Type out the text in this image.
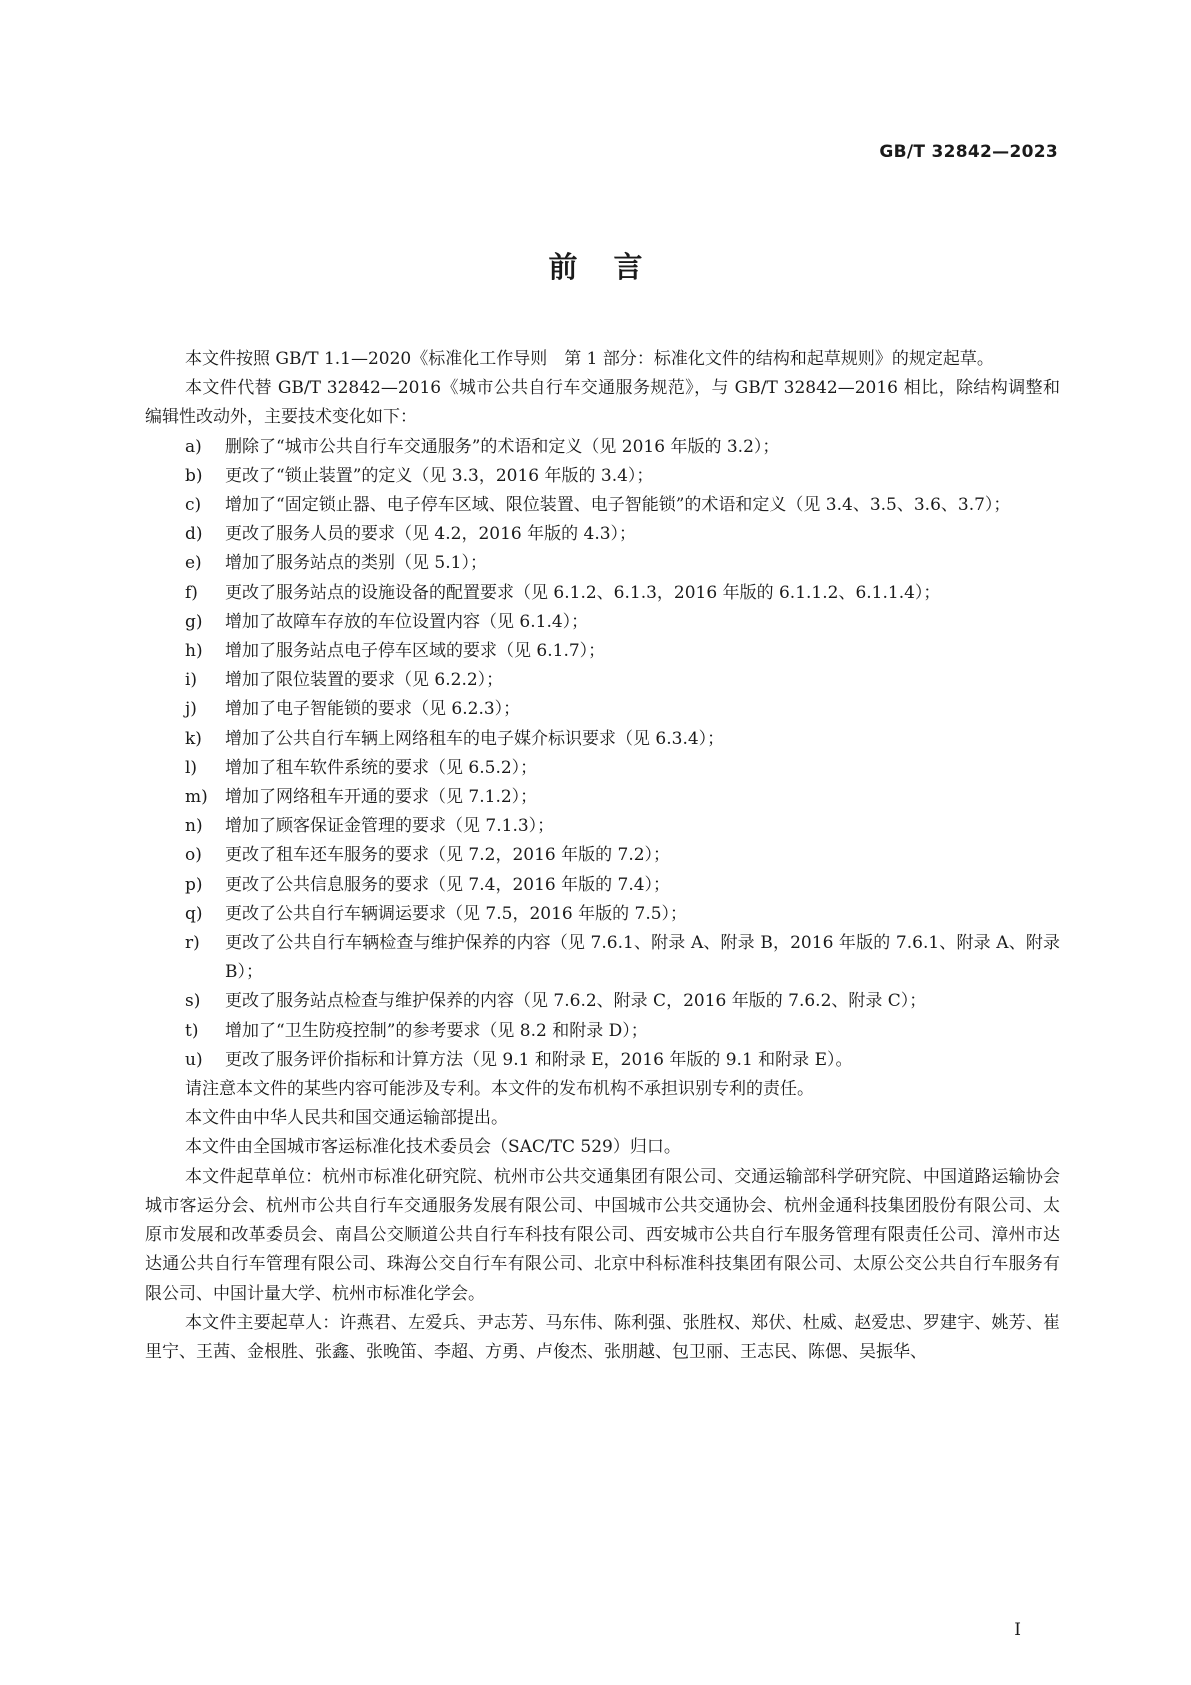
GB/T 32842—2023
前言

本文件按照 GB/T 1.1—2020《标准化工作导则　第 1 部分：标准化文件的结构和起草规则》的规定起草。

本文件代替 GB/T 32842—2016《城市公共自行车交通服务规范》，与 GB/T 32842—2016 相比，除结构调整和编辑性改动外，主要技术变化如下：

a)	删除了“城市公共自行车交通服务”的术语和定义（见 2016 年版的 3.2）；
b)	更改了“锁止装置”的定义（见 3.3，2016 年版的 3.4）；
c)	增加了“固定锁止器、电子停车区域、限位装置、电子智能锁”的术语和定义（见 3.4、3.5、3.6、3.7）；
d)	更改了服务人员的要求（见 4.2，2016 年版的 4.3）；
e)	增加了服务站点的类别（见 5.1）；
f)	更改了服务站点的设施设备的配置要求（见 6.1.2、6.1.3，2016 年版的 6.1.1.2、6.1.1.4）；
g)	增加了故障车存放的车位设置内容（见 6.1.4）；
h)	增加了服务站点电子停车区域的要求（见 6.1.7）；
i)	增加了限位装置的要求（见 6.2.2）；
j)	增加了电子智能锁的要求（见 6.2.3）；
k)	增加了公共自行车辆上网络租车的电子媒介标识要求（见 6.3.4）；
l)	增加了租车软件系统的要求（见 6.5.2）；
m)	增加了网络租车开通的要求（见 7.1.2）；
n)	增加了顾客保证金管理的要求（见 7.1.3）；
o)	更改了租车还车服务的要求（见 7.2，2016 年版的 7.2）；
p)	更改了公共信息服务的要求（见 7.4，2016 年版的 7.4）；
q)	更改了公共自行车辆调运要求（见 7.5，2016 年版的 7.5）；
r)	更改了公共自行车辆检查与维护保养的内容（见 7.6.1、附录 A、附录 B，2016 年版的 7.6.1、附录 A、附录 B）；
s)	更改了服务站点检查与维护保养的内容（见 7.6.2、附录 C，2016 年版的 7.6.2、附录 C）；
t)	增加了“卫生防疫控制”的参考要求（见 8.2 和附录 D）；
u)	更改了服务评价指标和计算方法（见 9.1 和附录 E，2016 年版的 9.1 和附录 E）。

请注意本文件的某些内容可能涉及专利。本文件的发布机构不承担识别专利的责任。

本文件由中华人民共和国交通运输部提出。

本文件由全国城市客运标准化技术委员会（SAC/TC 529）归口。

本文件起草单位：杭州市标准化研究院、杭州市公共交通集团有限公司、交通运输部科学研究院、中国道路运输协会城市客运分会、杭州市公共自行车交通服务发展有限公司、中国城市公共交通协会、杭州金通科技集团股份有限公司、太原市发展和改革委员会、南昌公交顺道公共自行车科技有限公司、西安城市公共自行车服务管理有限责任公司、漳州市达达通公共自行车管理有限公司、珠海公交自行车有限公司、北京中科标准科技集团有限公司、太原公交公共自行车服务有限公司、中国计量大学、杭州市标准化学会。

本文件主要起草人：许燕君、左爱兵、尹志芳、马东伟、陈利强、张胜权、郑伏、杜威、赵爱忠、罗建宇、姚芳、崔里宁、王茜、金根胜、张鑫、张晚笛、李超、方勇、卢俊杰、张朋越、包卫丽、王志民、陈偲、吴振华、

I
